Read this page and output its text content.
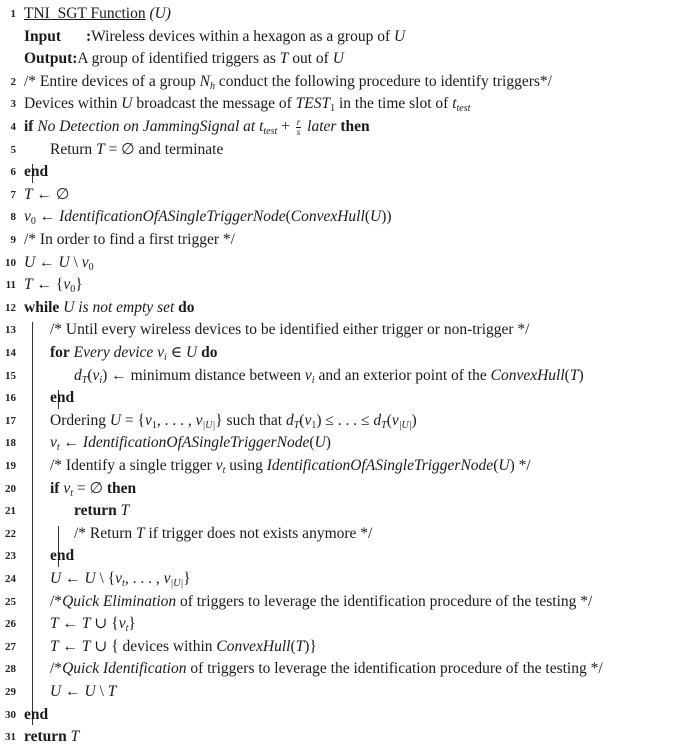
1 TNI_SGT Function (U)
Input :Wireless devices within a hexagon as a group of U
Output:A group of identified triggers as T out of U
2 /* Entire devices of a group $N_h$ conduct the following procedure to identify triggers*/
3 Devices within U broadcast the message of $TEST_1$ in the time slot of $t_{test}$
4 if No Detection on JammingSignal at $t_{test} + \frac{r}{s}$ later then
5 Return T = ∅ and terminate
6 end
7 T ← ∅
8 $v_0$ ← IdentificationOfASingleTriggerNode(ConvexHull(U))
9 /* In order to find a first trigger */
10 U ← U \ $v_0$
11 T ← $\{v_0\}$
12 while U is not empty set do
13 /* Until every wireless devices to be identified either trigger or non-trigger */
14 for Every device $v_i$ ∈ U do
15	$d_T(v_i)$ ← minimum distance between $v_i$ and an exterior point of the ConvexHull(T)
16 end
17 Ordering $U = \{v_1$, . . . , $v_{|U|}$} such that $d_T(v_1)$ ≤ . . . ≤ $d_T(v_{|U|})$
18 $v_t$ ← IdentificationOfASingleTriggerNode(U)
19 /* Identify a single trigger $v_t$ using IdentificationOfASingleTriggerNode(U) */
20 if $v_t$ = ∅ then
21	return T
22	/* Return T if trigger does not exists anymore */
23 end
24 U ← U \ {$v_t$, . . . , $v_{|U|}$}
25 /*Quick Elimination of triggers to leverage the identification procedure of the testing */
26 T ← T ∪ $\{v_t\}$
27 T ← T ∪ { devices within ConvexHull(T)}
28 /*Quick Identification of triggers to leverage the identification procedure of the testing */
29 U ← U \ T
30 end
31 return T
